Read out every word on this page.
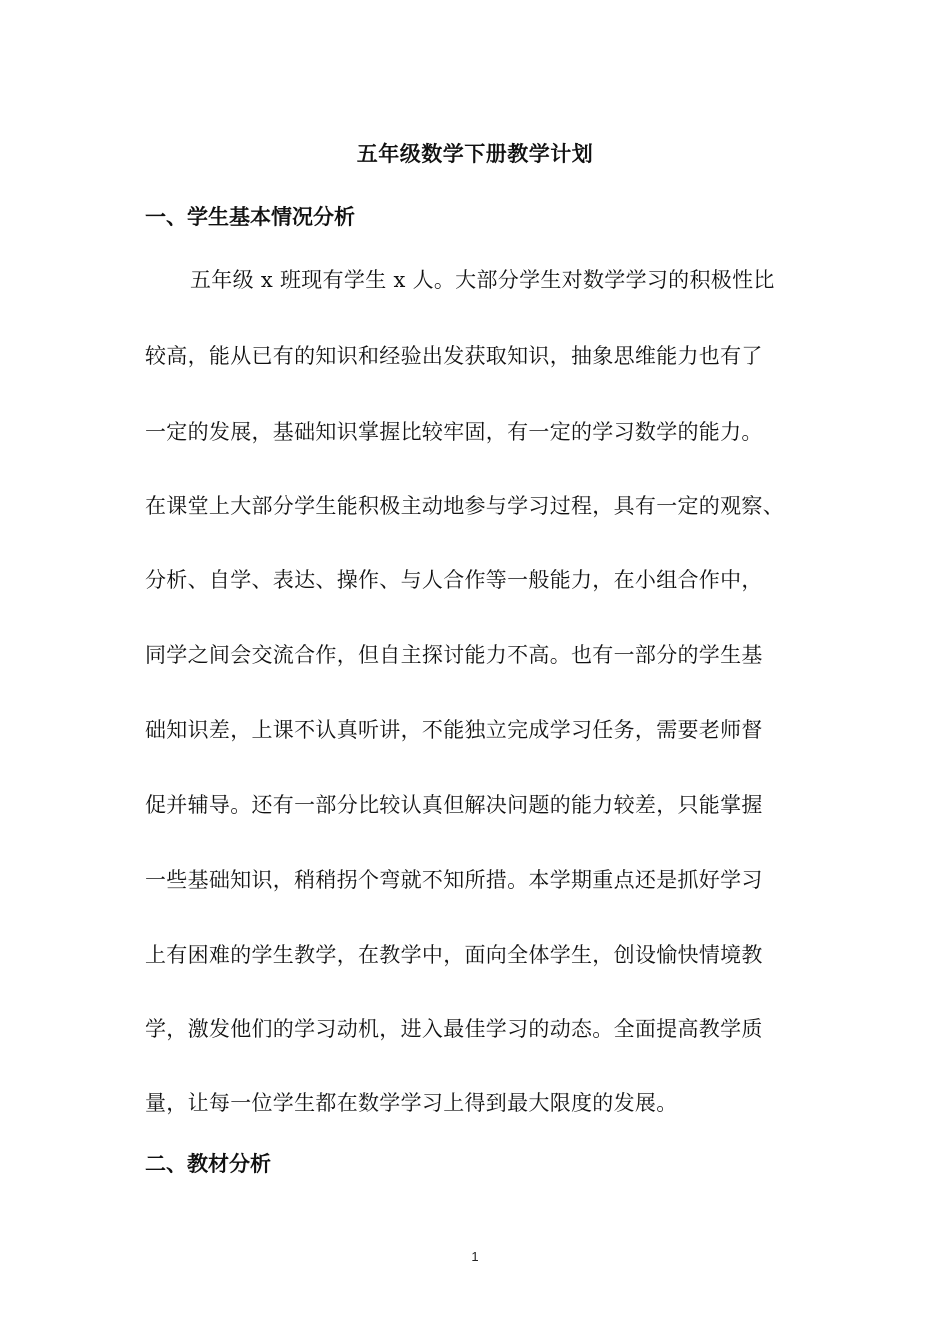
五年级数学下册教学计划
一、学生基本情况分析
五年级 x 班现有学生 x 人。大部分学生对数学学习的积极性比
较高，能从已有的知识和经验出发获取知识，抽象思维能力也有了
一定的发展，基础知识掌握比较牢固，有一定的学习数学的能力。
在课堂上大部分学生能积极主动地参与学习过程，具有一定的观察、
分析、自学、表达、操作、与人合作等一般能力，在小组合作中，
同学之间会交流合作，但自主探讨能力不高。也有一部分的学生基
础知识差，上课不认真听讲，不能独立完成学习任务，需要老师督
促并辅导。还有一部分比较认真但解决问题的能力较差，只能掌握
一些基础知识，稍稍拐个弯就不知所措。本学期重点还是抓好学习
上有困难的学生教学，在教学中，面向全体学生，创设愉快情境教
学，激发他们的学习动机，进入最佳学习的动态。全面提高教学质
量，让每一位学生都在数学学习上得到最大限度的发展。
二、教材分析
1
